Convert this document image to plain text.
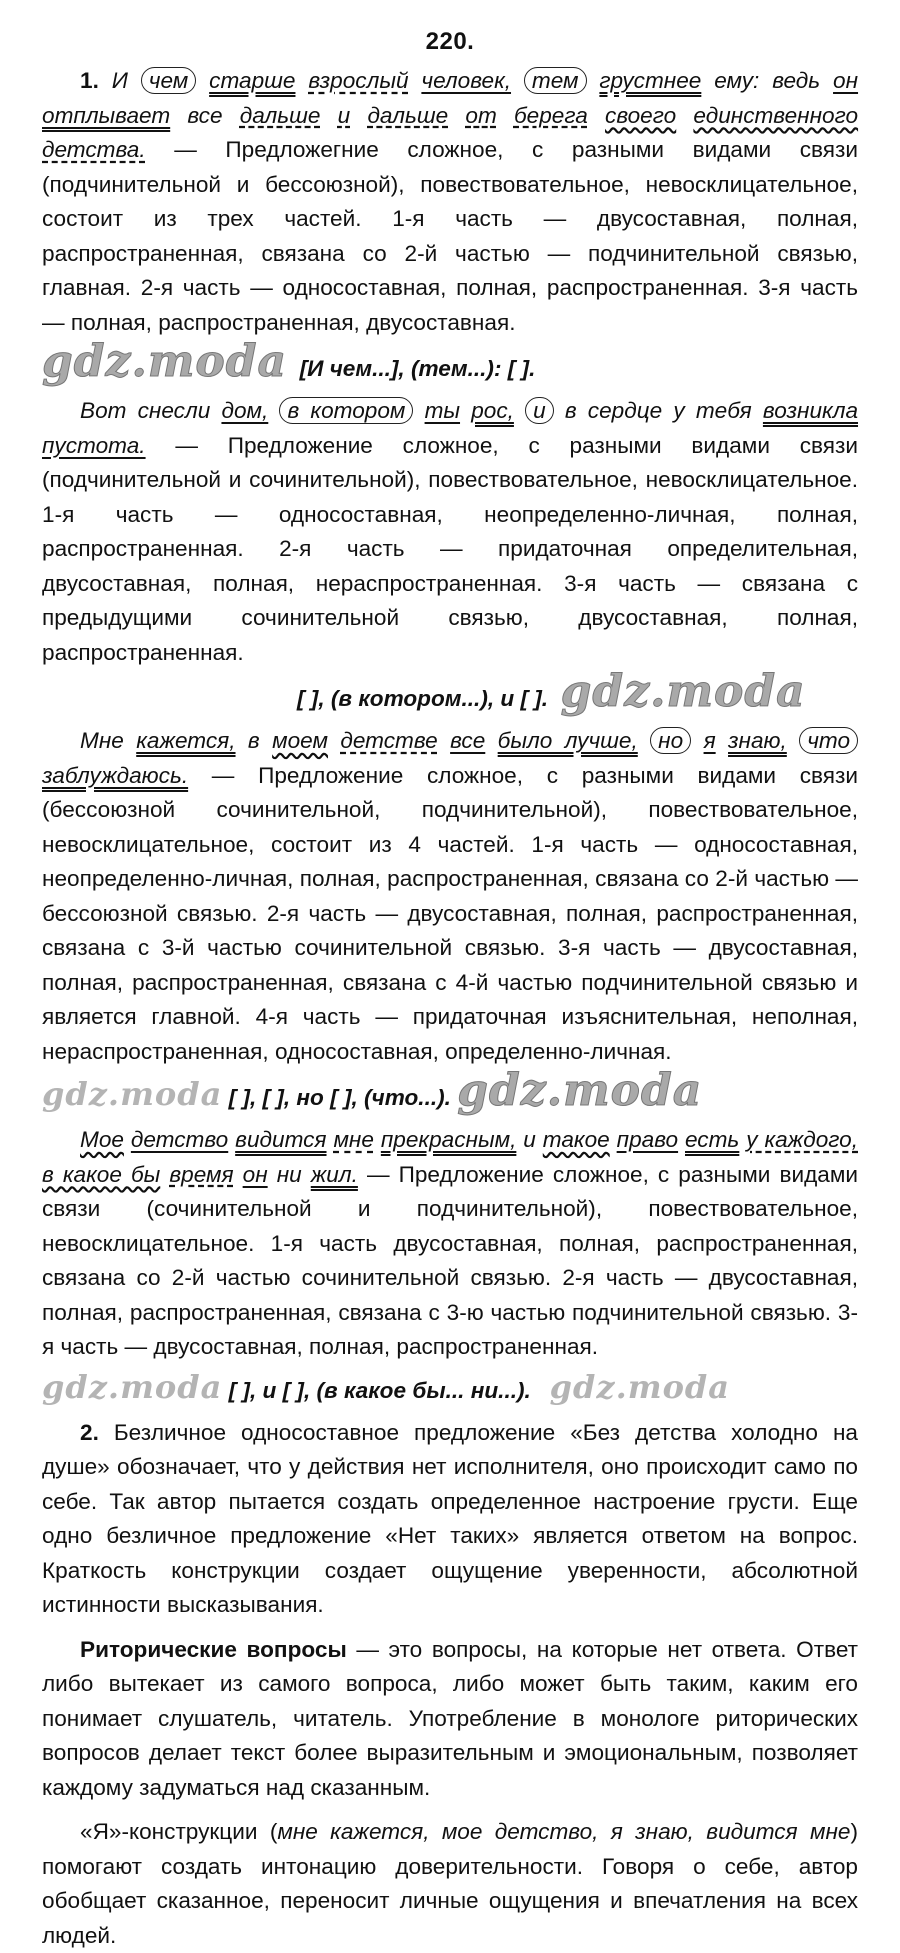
220.

1. И чем старше взрослый человек, тем грустнее ему: ведь он отплывает все дальше и дальше от берега своего единственного детства. — Предложегние сложное, с разными видами связи (подчинительной и бессоюзной), повествовательное, невосклицательное, состоит из трех частей. 1-я часть — двусоставная, полная, распространенная, связана со 2-й частью — подчинительной связью, главная. 2-я часть — односоставная, полная, распространенная. 3-я часть — полная, распространенная, двусоставная.

gdz.moda [И чем...], (тем...): [ ].

Вот снесли дом, в котором ты рос, и в сердце у тебя возникла пустота. — Предложение сложное, с разными видами связи (подчинительной и сочинительной), повествовательное, невосклицательное. 1-я часть — односоставная, неопределенно-личная, полная, распространенная. 2-я часть — придаточная определительная, двусоставная, полная, нераспространенная. 3-я часть — связана с предыдущими сочинительной связью, двусоставная, полная, распространенная.

[ ], (в котором...), и [ ]. gdz.moda

Мне кажется, в моем детстве все было лучше, но я знаю, что заблуждаюсь. — Предложение сложное, с разными видами связи (бессоюзной сочинительной, подчинительной), повествовательное, невосклицательное, состоит из 4 частей. 1-я часть — односоставная, неопределенно-личная, полная, распространенная, связана со 2-й частью — бессоюзной связью. 2-я часть — двусоставная, полная, распространенная, связана с 3-й частью сочинительной связью. 3-я часть — двусоставная, полная, распространенная, связана с 4-й частью подчинительной связью и является главной. 4-я часть — придаточная изъяснительная, неполная, нераспространенная, односоставная, определенно-личная.

gdz.moda [ ], [ ], но [ ], (что...). gdz.moda

Мое детство видится мне прекрасным, и такое право есть у каждого, в какое бы время он ни жил. — Предложение сложное, с разными видами связи (сочинительной и подчинительной), повествовательное, невосклицательное. 1-я часть двусоставная, полная, распространенная, связана со 2-й частью сочинительной связью. 2-я часть — двусоставная, полная, распространенная, связана с 3-ю частью подчинительной связью. 3-я часть — двусоставная, полная, распространенная.

gdz.moda [ ], и [ ], (в какое бы... ни...). gdz.moda

2. Безличное односоставное предложение «Без детства холодно на душе» обозначает, что у действия нет исполнителя, оно происходит само по себе. Так автор пытается создать определенное настроение грусти. Еще одно безличное предложение «Нет таких» является ответом на вопрос. Краткость конструкции создает ощущение уверенности, абсолютной истинности высказывания.

Риторические вопросы — это вопросы, на которые нет ответа. Ответ либо вытекает из самого вопроса, либо может быть таким, каким его понимает слушатель, читатель. Употребление в монологе риторических вопросов делает текст более выразительным и эмоциональным, позволяет каждому задуматься над сказанным.

«Я»-конструкции (мне кажется, мое детство, я знаю, видится мне) помогают создать интонацию доверительности. Говоря о себе, автор обобщает сказанное, переносит личные ощущения и впечатления на всех людей.
